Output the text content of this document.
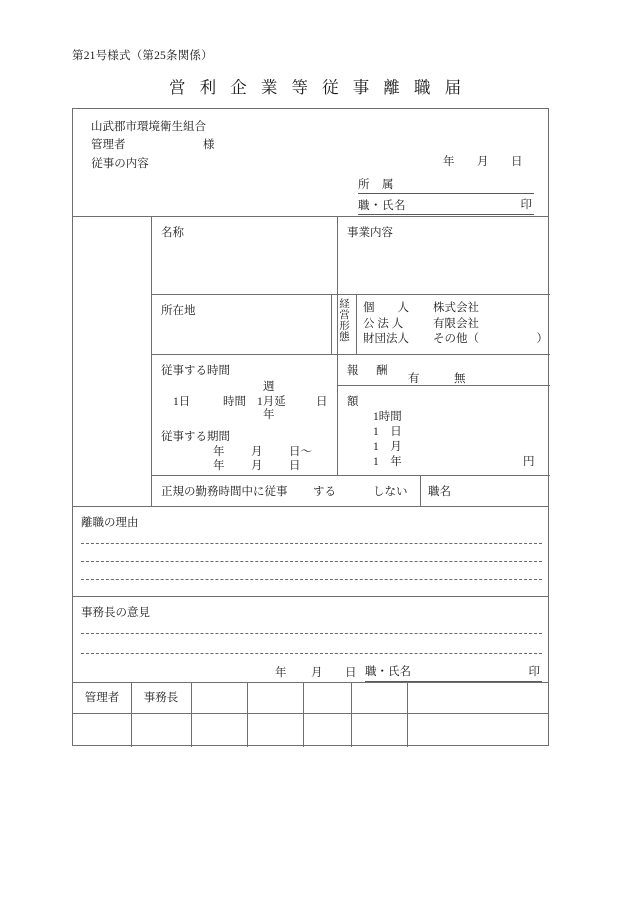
第21号様式（第25条関係）
営 利 企 業 等 従 事 離 職 届
山武郡市環境衛生組合
管理者	様
年 月 日
所　属
職・氏名	印
従事の内容
名称	事業内容
所在地
経
営
形
態
個　　人	株式会社
公 法 人	有限会社
財団法人	その他（　　　　　）
従事する時間
週
1日	時間 1月延	日
年
従事する期間
年 月 日〜
年 月 日
報　酬
有	無
額
1時間
1　日
1　月
1　年	円
正規の勤務時間中に従事 する	しない 職名
離職の理由
事務長の意見
年 月 日 職・氏名	印
管理者	事務長
